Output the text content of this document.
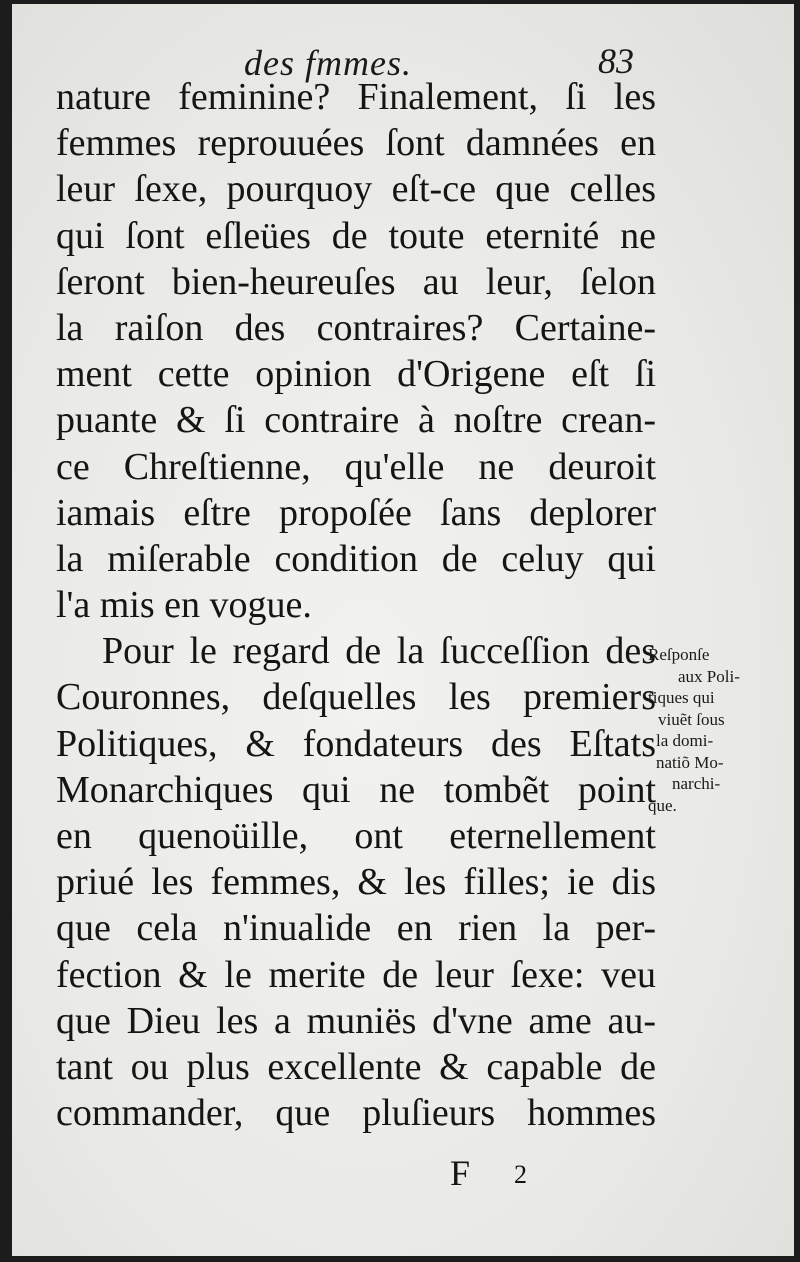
des fmmes.	83
nature feminine? Finalement, ſi les
femmes reprouuées ſont damnées en
leur ſexe, pourquoy eſt-ce que celles
qui ſont eſleües de toute eternité ne
ſeront bien-heureuſes au leur, ſelon
la raiſon des contraires? Certaine-
ment cette opinion d'Origene eſt ſi
puante & ſi contraire à noſtre crean-
ce Chreſtienne, qu'elle ne deuroit
iamais eſtre propoſée ſans deplorer
la miſerable condition de celuy qui
l'a mis en vogue.
Pour le regard de la ſucceſſion des
Couronnes, deſquelles les premiers
Politiques, & fondateurs des Eſtats
Monarchiques qui ne tombẽt point
en quenoüille, ont eternellement
priué les femmes, & les filles; ie dis
que cela n'inualide en rien la per-
fection & le merite de leur ſexe: veu
que Dieu les a muniës d'vne ame au-
tant ou plus excellente & capable de
commander, que pluſieurs hommes
Reſponſe
aux Poli-
tiques qui
viuẽt ſous
la domi-
natiõ Mo-
narchi-
que.
F 2
